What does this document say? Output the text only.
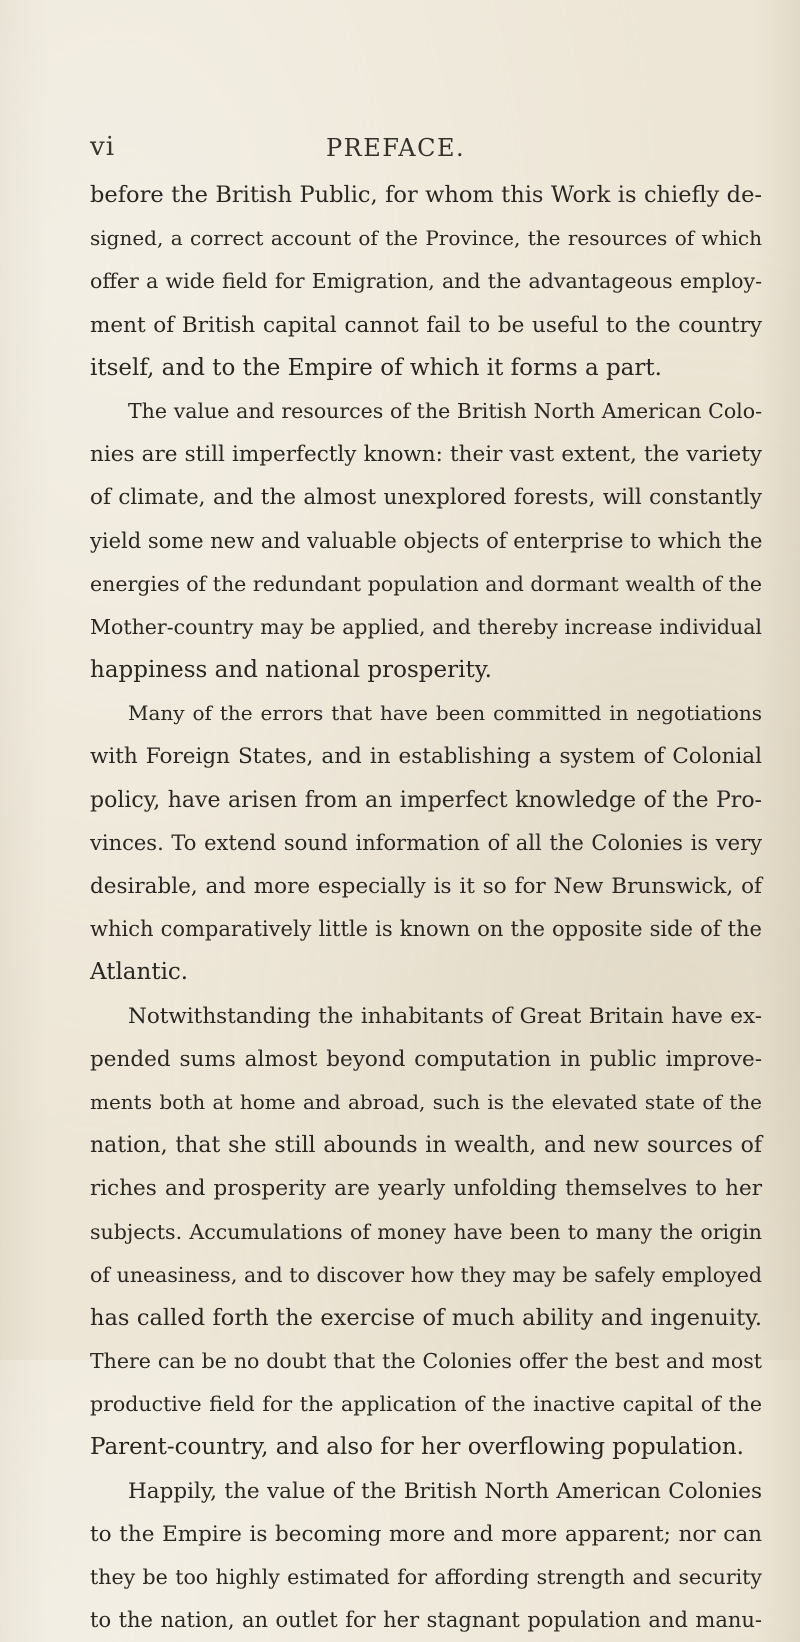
vi	PREFACE.
before the British Public, for whom this Work is chiefly de-
signed, a correct account of the Province, the resources of which
offer a wide field for Emigration, and the advantageous employ-
ment of British capital cannot fail to be useful to the country
itself, and to the Empire of which it forms a part.
The value and resources of the British North American Colo-
nies are still imperfectly known: their vast extent, the variety
of climate, and the almost unexplored forests, will constantly
yield some new and valuable objects of enterprise to which the
energies of the redundant population and dormant wealth of the
Mother-country may be applied, and thereby increase individual
happiness and national prosperity.
Many of the errors that have been committed in negotiations
with Foreign States, and in establishing a system of Colonial
policy, have arisen from an imperfect knowledge of the Pro-
vinces. To extend sound information of all the Colonies is very
desirable, and more especially is it so for New Brunswick, of
which comparatively little is known on the opposite side of the
Atlantic.
Notwithstanding the inhabitants of Great Britain have ex-
pended sums almost beyond computation in public improve-
ments both at home and abroad, such is the elevated state of the
nation, that she still abounds in wealth, and new sources of
riches and prosperity are yearly unfolding themselves to her
subjects. Accumulations of money have been to many the origin
of uneasiness, and to discover how they may be safely employed
has called forth the exercise of much ability and ingenuity.
There can be no doubt that the Colonies offer the best and most
productive field for the application of the inactive capital of the
Parent-country, and also for her overflowing population.
Happily, the value of the British North American Colonies
to the Empire is becoming more and more apparent; nor can
they be too highly estimated for affording strength and security
to the nation, an outlet for her stagnant population and manu-
